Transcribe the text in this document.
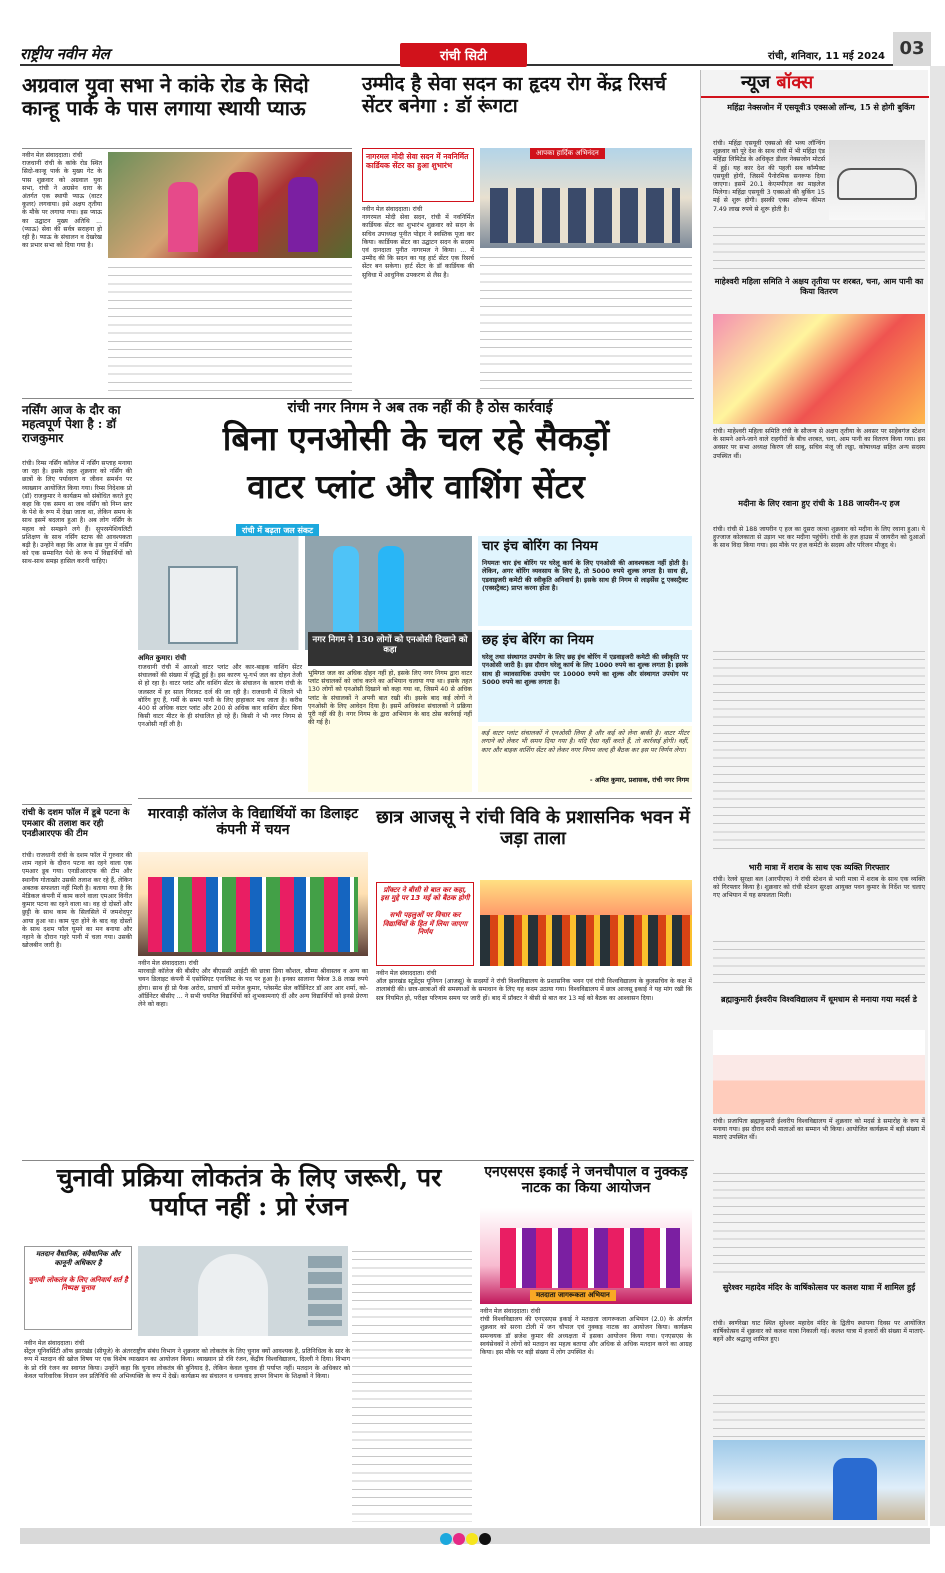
राष्ट्रीय नवीन मेल	रांची सिटी	रांची, शनिवार, 11 मई 2024 03
अग्रवाल युवा सभा ने कांके रोड के सिदो कान्हू पार्क के पास लगाया स्थायी प्याऊ
नवीन मेल संवाददाता। रांची
राजधानी रांची के कांके रोड स्थित सिदो-कान्हू पार्क के मुख्य गेट के पास शुक्रवार को अग्रवाल युवा सभा, रांची ने अग्रसेन धारा के अंतर्गत एक स्थायी प्याऊ (वाटर कूलर) लगवाया। इसे अक्षय तृतीया के मौके पर लगाया गया। इस प्याऊ का उद्घाटन मुख्य अतिथि ... (प्याऊ) सेवा की सर्वत्र सराहना हो रही है। प्याऊ के संचालन व देखरेख का प्रभार सभा को दिया गया है।
उम्मीद है सेवा सदन का हृदय रोग केंद्र रिसर्च सेंटर बनेगा : डॉ रूंगटा
नागरमल मोदी सेवा सदन में नवनिर्मित कार्डियक सेंटर का हुआ शुभारंभ
नवीन मेल संवाददाता। रांची
नागरमल मोदी सेवा सदन, रांची में नवनिर्मित कार्डियक सेंटर का शुभारंभ शुक्रवार को सदन के सचिव उपाध्यक्ष पुनीत पोद्दार ने स्वस्तिक पूजा कर किया। कार्डियक सेंटर का उद्घाटन सदन के सदस्य एवं दानदाता पुनीत नागरमल ने किया। ... में उम्मीद की कि सदन का यह हार्ट सेंटर एक रिसर्च सेंटर बन सकेगा। हार्ट सेंटर के डॉ कार्डियक की सुविधा में आधुनिक उपकरण से लैस है।
आपका हार्दिक अभिनंदन
न्यूज बॉक्स
महिंद्रा नेक्सजोन में एसयूवी3 एक्सओ लॉन्च, 15 से होगी बुकिंग
रांची। महिंद्रा एसयूवी एक्सओ की भव्य लॉन्चिंग शुक्रवार को पूरे देश के साथ रांची में भी महिंद्रा एंड महिंद्रा लिमिटेड के अधिकृत डीलर नेक्सजोन मोटर्स में हुई। यह कार देश की पहली सब कॉम्पैक्ट एसयूवी होगी, जिसमें पैनोरमिक सनरूफ दिया जाएगा। इसमें 20.1 केएमपीएल का माइलेज मिलेगा। महिंद्रा एसयूवी 3 एक्सओ की बुकिंग 15 मई से शुरू होगी। इसकी एक्स शोरूम कीमत 7.49 लाख रुपये से शुरू होती है।
माहेश्वरी महिला समिति ने अक्षय तृतीया पर शरबत, चना, आम पानी का किया वितरण
रांची। माहेश्वरी महिला समिति रांची के सौजन्य से अक्षय तृतीया के अवसर पर साहेबगंज स्टेशन के सामने आने-जाने वाले राहगीरों के बीच शरबत, चना, आम पानी का वितरण किया गया। इस अवसर पर सभा अध्यक्ष किरण जी साबू, सचिव मंजू जी लड्ढा, कोषाध्यक्ष सहित अन्य सदस्य उपस्थित थीं।
मदीना के लिए रवाना हुए रांची के 188 जायरीन-ए हज
रांची। रांची से 188 जायरीन ए हज का दूसरा जत्था शुक्रवार को मदीना के लिए रवाना हुआ। ये हुज्जाज कोलकाता से उड़ान भर कर मदीना पहुंचेंगे। रांची के हज हाउस में जायरीन को दुआओं के साथ विदा किया गया। इस मौके पर हज कमेटी के सदस्य और परिजन मौजूद थे।
भारी मात्रा में शराब के साथ एक व्यक्ति गिरफ्तार
रांची। रेलवे सुरक्षा बल (आरपीएफ) ने रांची स्टेशन से भारी मात्रा में शराब के साथ एक व्यक्ति को गिरफ्तार किया है। शुक्रवार को रांची स्टेशन सुरक्षा आयुक्त पवन कुमार के निर्देश पर चलाए गए अभियान में यह सफलता मिली।
ब्रह्माकुमारी ईश्वरीय विश्वविद्यालय में धूमधाम से मनाया गया मदर्स डे
रांची। प्रजापिता ब्रह्माकुमारी ईश्वरीय विश्वविद्यालय में शुक्रवार को मदर्स डे समारोह के रूप में मनाया गया। इस दौरान सभी माताओं का सम्मान भी किया। आयोजित कार्यक्रम में बड़ी संख्या में माताएं उपस्थित थीं।
सुरेश्वर महादेव मंदिर के वार्षिकोत्सव पर कलश यात्रा में शामिल हुईं
रांची। स्वर्णरेखा घाट स्थित सुरेश्वर महादेव मंदिर के द्वितीय स्थापना दिवस पर आयोजित वार्षिकोत्सव में शुक्रवार को कलश यात्रा निकाली गई। कलश यात्रा में हजारों की संख्या में माताएं-बहनें और श्रद्धालु शामिल हुए।
नर्सिंग आज के दौर का महत्वपूर्ण पेशा है : डॉ राजकुमार
रांची। रिम्स नर्सिंग कॉलेज में नर्सिंग सप्ताह मनाया जा रहा है। इसके तहत शुक्रवार को नर्सिंग की छात्रों के लिए पर्यावरण व जीवन समर्थन पर व्याख्यान आयोजित किया गया। रिम्स निदेशक प्रो (डॉ) राजकुमार ने कार्यक्रम को संबोधित करते हुए कहा कि एक समय था जब नर्सिंग को निम्न स्तर के पेशे के रूप में देखा जाता था, लेकिन समय के साथ इसमें बदलाव हुआ है। अब लोग नर्सिंग के महत्व को समझने लगे हैं। सुपरस्पेशियलिटी प्रशिक्षण के साथ नर्सिंग स्टाफ की आवश्यकता बढ़ी है। उन्होंने कहा कि आज के इस युग में नर्सिंग को एक सम्मानित पेशे के रूप में विद्यार्थियों को साथ-साथ समझ हासिल करनी चाहिए।
रांची के दशम फॉल में डूबे पटना के एमआर की तलाश कर रही एनडीआरएफ की टीम
रांची। राजधानी रांची के दशम फॉल में गुरुवार की शाम नहाने के दौरान पटना का रहने वाला एक एमआर डूब गया। एनडीआरएफ की टीम और स्थानीय गोताखोर उसकी तलाश कर रहे हैं, लेकिन अबतक सफलता नहीं मिली है। बताया गया है कि मेडिकल कंपनी में काम करने वाला एमआर विनीत कुमार पटना का रहने वाला था। वह दो दोस्तों और छुट्टी के साथ काम के सिलसिले में जमशेदपुर आया हुआ था। काम पूरा होने के बाद वह दोस्तों के साथ दशम फॉल घूमने का मन बनाया और नहाने के दौरान गहरे पानी में चला गया। उसकी खोजबीन जारी है।
रांची नगर निगम ने अब तक नहीं की है ठोस कार्रवाई
बिना एनओसी के चल रहे सैकड़ों
वाटर प्लांट और वाशिंग सेंटर
रांची में बढ़ता जल संकट
अमित कुमार। रांची
राजधानी रांची में आरओ वाटर प्लांट और कार-बाइक वाशिंग सेंटर संचालकों की संख्या में वृद्धि हुई है। इस कारण भू-गर्भ जल का दोहन तेजी से हो रहा है। वाटर प्लांट और वाशिंग सेंटर के संचालन के कारण रांची के जलस्तर में हर साल गिरावट दर्ज की जा रही है। राजधानी में जितने भी बोरिंग हुए हैं, गर्मी के समय पानी के लिए हाहाकार मच जाता है। करीब 400 से अधिक वाटर प्लांट और 200 से अधिक कार वाशिंग सेंटर बिना किसी वाटर मीटर के ही संचालित हो रहे हैं। किसी ने भी नगर निगम से एनओसी नहीं ली है।
नगर निगम ने 130 लोगों को एनओसी दिखाने को कहा
भूमिगत जल का अधिक दोहन नहीं हो, इसके लिए नगर निगम द्वारा वाटर प्लांट संचालकों को जांच करने का अभियान चलाया गया था। इसके तहत 130 लोगों को एनओसी दिखाने को कहा गया था, जिसमें 40 से अधिक प्लांट के संचालकों ने अपनी बात रखी थी। इसके बाद कई लोगों ने एनओसी के लिए आवेदन दिया है। इसमें अधिकांश संचालकों ने प्रक्रिया पूरी नहीं की है। नगर निगम के द्वारा अभियान के बाद ठोस कार्रवाई नहीं की गई है।
चार इंच बोरिंग का नियम
नियमतः चार इंच बोरिंग पर घरेलू कार्य के लिए एनओसी की आवश्यकता नहीं होती है। लेकिन, अगर बोरिंग व्यवसाय के लिए है, तो 5000 रुपये शुल्क लगता है। साथ ही, एडवाइजरी कमेटी की स्वीकृति अनिवार्य है। इसके साथ ही निगम से लाइसेंस टू एक्सट्रैक्ट (एक्सट्रैक्ट) प्राप्त करना होता है।
छह इंच बेरिंग का नियम
घरेलू तथा संस्थागत उपयोग के लिए छह इंच बोरिंग में एडवाइजरी कमेटी की स्वीकृति पर एनओसी जारी है। इस दौरान घरेलू कार्य के लिए 1000 रुपये का शुल्क लगता है। इसके साथ ही व्यावसायिक उपयोग पर 10000 रुपये का शुल्क और संस्थागत उपयोग पर 5000 रुपये का शुल्क लगता है।
कई वाटर प्लांट संचालकों ने एनओसी लिया है और कई को लेना बाकी है। वाटर मीटर लगाने को लेकर भी समय दिया गया है। यदि ऐसा नहीं करते हैं, तो कार्रवाई होगी। वहीं, कार और बाइक वाशिंग सेंटर को लेकर नगर निगम जल्द ही बैठक कर इस पर निर्णय लेगा।
- अमित कुमार, प्रशासक, रांची नगर निगम
मारवाड़ी कॉलेज के विद्यार्थियों का डिलाइट कंपनी में चयन
नवीन मेल संवाददाता। रांची
मारवाड़ी कॉलेज की बीसीए और बीएससी आईटी की छात्रा प्रिया कौशल, सौम्या श्रीवास्तव व अन्य का चयन डिलाइट कंपनी में एसोसिएट एनालिस्ट के पद पर हुआ है। इनका सालाना पैकेज 3.8 लाख रुपये होगा। साथ ही प्रो फैक अरोरा, प्राचार्य डॉ मनोज कुमार, प्लेसमेंट सेल कॉर्डिनेटर डॉ आर आर शर्मा, को-ऑर्डिनेटर बीसीए ... ने सभी चयनित विद्यार्थियों को शुभकामनाएं दीं और अन्य विद्यार्थियों को इनसे प्रेरणा लेने को कहा।
छात्र आजसू ने रांची विवि के प्रशासनिक भवन में जड़ा ताला
प्रॉक्टर ने बीसी से बात कर कहा, इस मुद्दे पर 13 मई को बैठक होगी

सभी पहलुओं पर विचार कर विद्यार्थियों के हित में लिया जाएगा निर्णय
नवीन मेल संवाददाता। रांची
ऑल झारखंड स्टूडेंट्स यूनियन (आजसू) के सदस्यों ने रांची विश्वविद्यालय के प्रशासनिक भवन एवं रांची विश्वविद्यालय के कुलसचिव के कक्ष में तालाबंदी की। छात्र-छात्राओं की समस्याओं के समाधान के लिए यह कदम उठाया गया। विश्वविद्यालय में छात्र आजसू इकाई ने यह मांग रखी कि सत्र नियमित हो, परीक्षा परिणाम समय पर जारी हों। बाद में प्रॉक्टर ने बीसी से बात कर 13 मई को बैठक का आश्वासन दिया।
चुनावी प्रक्रिया लोकतंत्र के लिए जरूरी, पर पर्याप्त नहीं : प्रो रंजन
मतदान वैधानिक, संवैधानिक और कानूनी अधिकार है
चुनावी लोकतंत्र के लिए अनिवार्य शर्त है निष्पक्ष चुनाव
नवीन मेल संवाददाता। रांची
सेंट्रल यूनिवर्सिटी ऑफ झारखंड (सीयूजे) के अंतरराष्ट्रीय संबंध विभाग ने शुक्रवार को लोकतंत्र के लिए चुनाव क्यों आवश्यक है, प्रतिनिधित्व के सार के रूप में मतदान की खोज विषय पर एक विशेष व्याख्यान का आयोजन किया। व्याख्यान प्रो रवि रंजन, केंद्रीय विश्वविद्यालय, दिल्ली ने दिया। विभाग के प्रो रवि रंजन का स्वागत किया। उन्होंने कहा कि चुनाव लोकतंत्र की बुनियाद है, लेकिन केवल चुनाव ही पर्याप्त नहीं। मतदान के अधिकार को केवल पारिवारिक विधान जन प्रतिनिधि की अभिव्यक्ति के रूप में देखें। कार्यक्रम का संचालन व धन्यवाद ज्ञापन विभाग के शिक्षकों ने किया।
एनएसएस इकाई ने जनचौपाल व नुक्कड़ नाटक का किया आयोजन
मतदाता जागरूकता अभियान
नवीन मेल संवाददाता। रांची
रांची विश्वविद्यालय की एनएसएस इकाई ने मतदाता जागरूकता अभियान (2.0) के अंतर्गत शुक्रवार को सरना टोली में जन चौपाल एवं नुक्कड़ नाटक का आयोजन किया। कार्यक्रम समन्वयक डॉ ब्रजेश कुमार की अध्यक्षता में इसका आयोजन किया गया। एनएसएस के स्वयंसेवकों ने लोगों को मतदान का महत्व बताया और अधिक से अधिक मतदान करने का आग्रह किया। इस मौके पर बड़ी संख्या में लोग उपस्थित थे।
